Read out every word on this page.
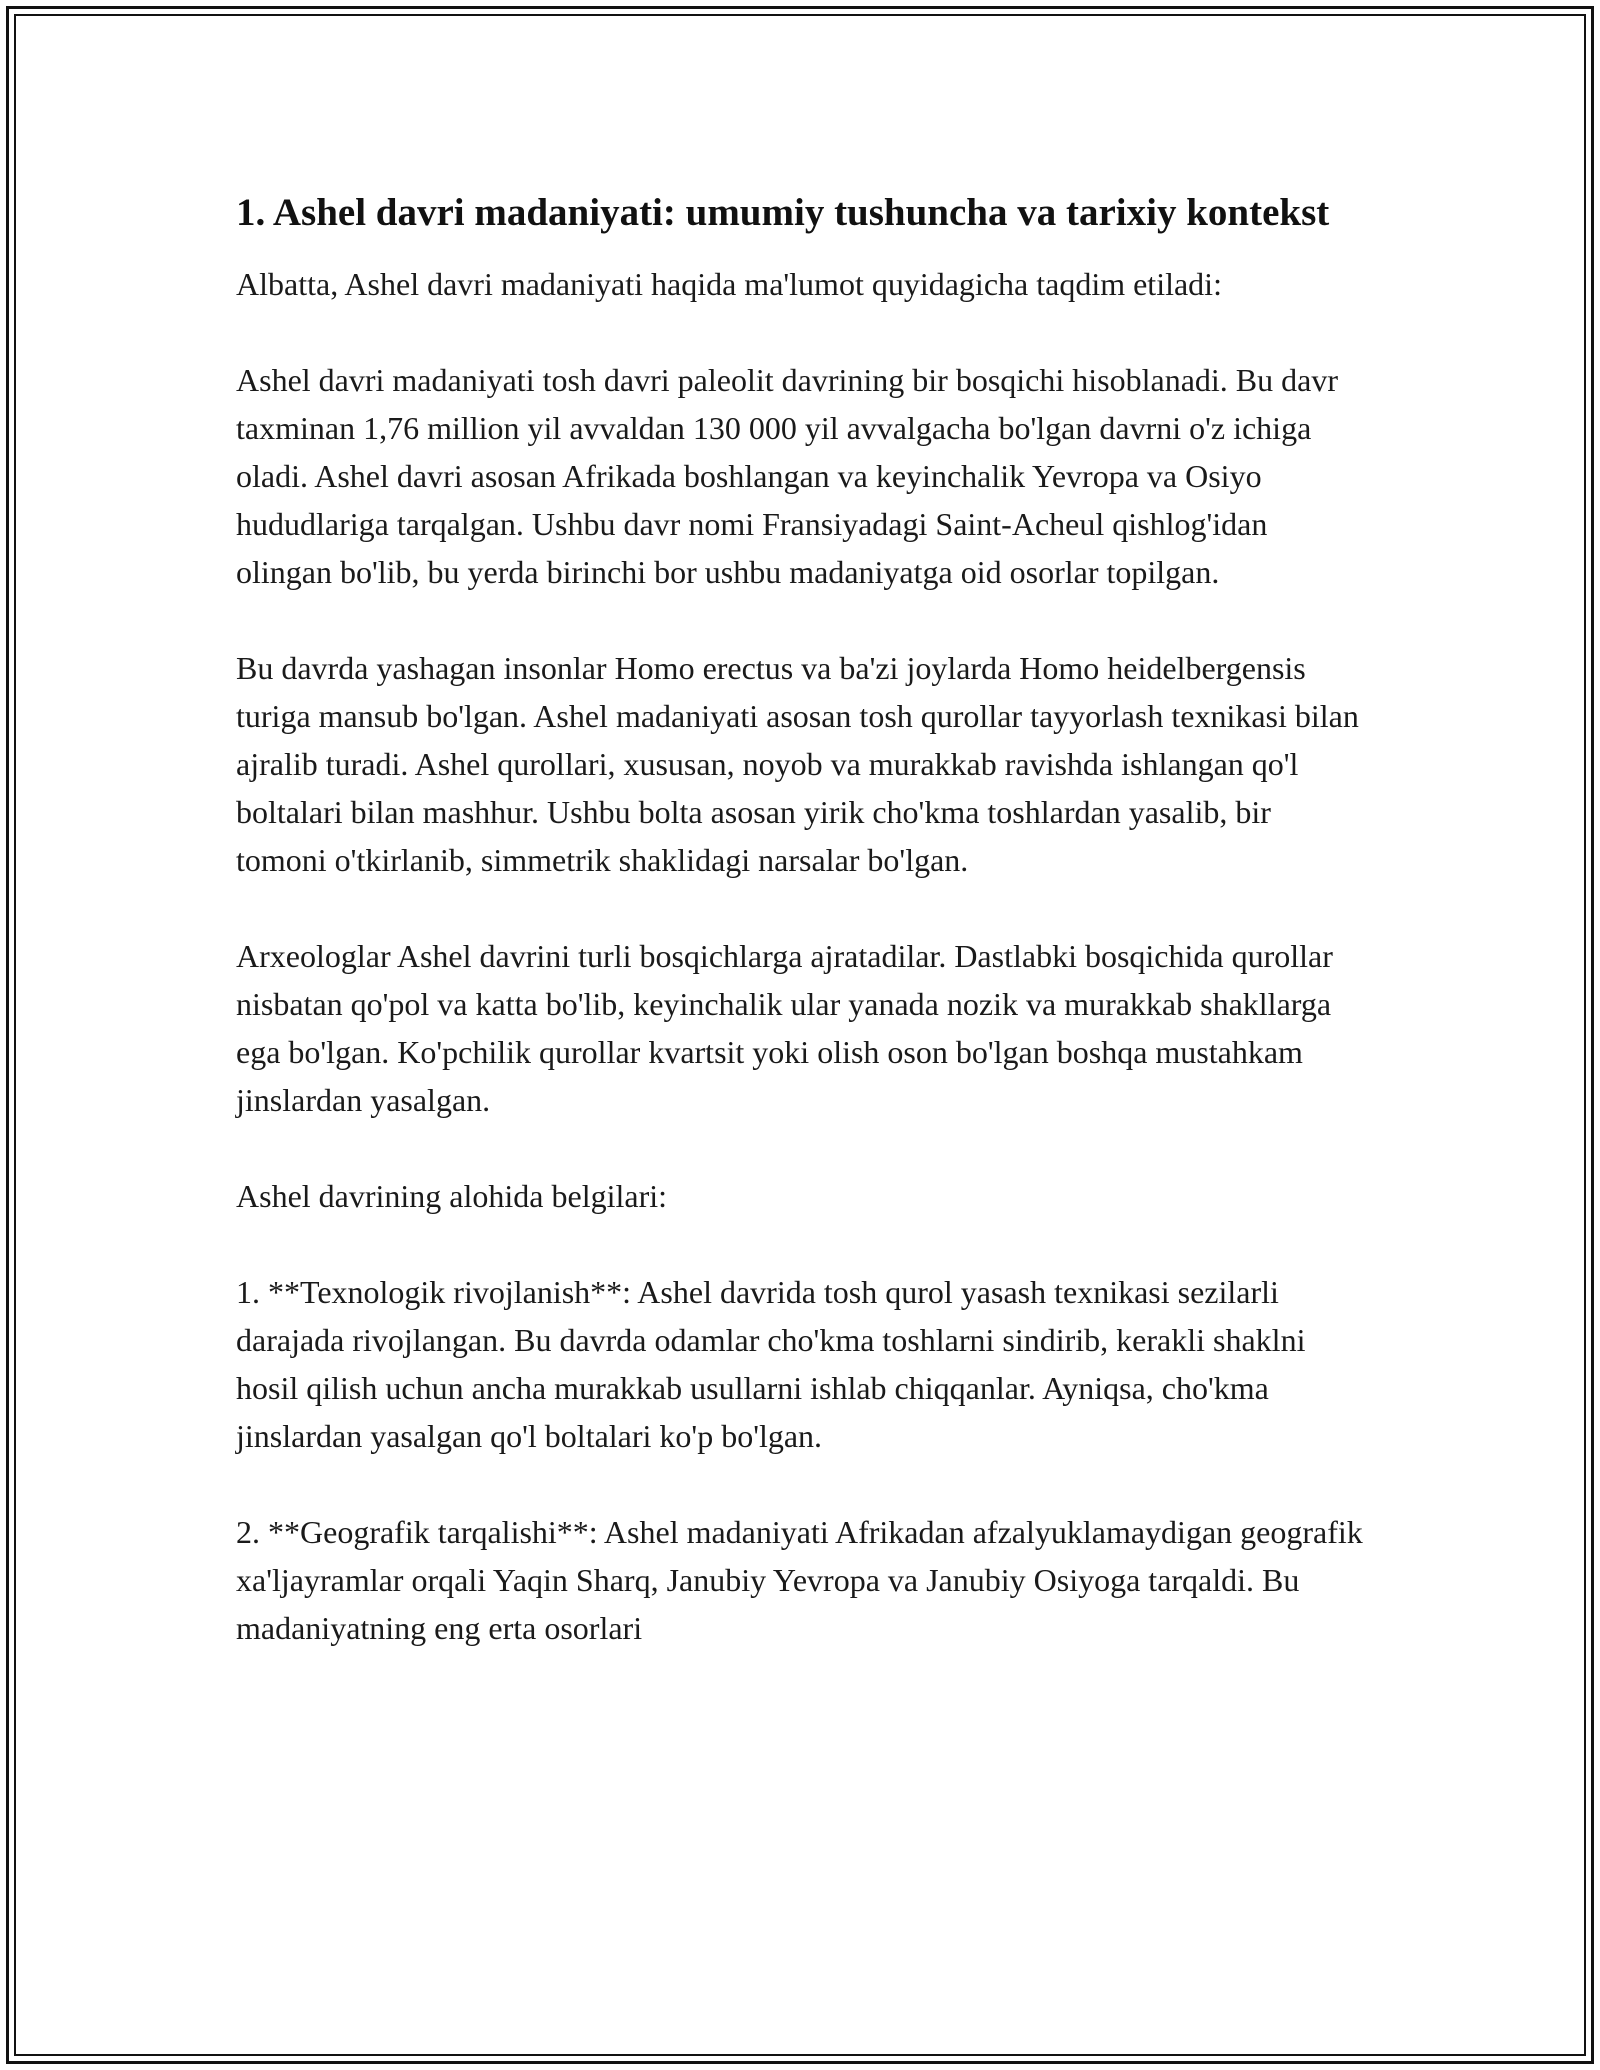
1. Ashel davri madaniyati: umumiy tushuncha va tarixiy kontekst

Albatta, Ashel davri madaniyati haqida ma'lumot quyidagicha taqdim etiladi:

Ashel davri madaniyati tosh davri paleolit davrining bir bosqichi hisoblanadi. Bu davr taxminan 1,76 million yil avvaldan 130 000 yil avvalgacha bo'lgan davrni o'z ichiga oladi. Ashel davri asosan Afrikada boshlangan va keyinchalik Yevropa va Osiyo hududlariga tarqalgan. Ushbu davr nomi Fransiyadagi Saint-Acheul qishlog'idan olingan bo'lib, bu yerda birinchi bor ushbu madaniyatga oid osorlar topilgan.

Bu davrda yashagan insonlar Homo erectus va ba'zi joylarda Homo heidelbergensis turiga mansub bo'lgan. Ashel madaniyati asosan tosh qurollar tayyorlash texnikasi bilan ajralib turadi. Ashel qurollari, xususan, noyob va murakkab ravishda ishlangan qo'l boltalari bilan mashhur. Ushbu bolta asosan yirik cho'kma toshlardan yasalib, bir tomoni o'tkirlanib, simmetrik shaklidagi narsalar bo'lgan.

Arxeologlar Ashel davrini turli bosqichlarga ajratadilar. Dastlabki bosqichida qurollar nisbatan qo'pol va katta bo'lib, keyinchalik ular yanada nozik va murakkab shakllarga ega bo'lgan. Ko'pchilik qurollar kvartsit yoki olish oson bo'lgan boshqa mustahkam jinslardan yasalgan.

Ashel davrining alohida belgilari:

1. **Texnologik rivojlanish**: Ashel davrida tosh qurol yasash texnikasi sezilarli darajada rivojlangan. Bu davrda odamlar cho'kma toshlarni sindirib, kerakli shaklni hosil qilish uchun ancha murakkab usullarni ishlab chiqqanlar. Ayniqsa, cho'kma jinslardan yasalgan qo'l boltalari ko'p bo'lgan.

2. **Geografik tarqalishi**: Ashel madaniyati Afrikadan afzalyuklamaydigan geografik xa'ljayramlar orqali Yaqin Sharq, Janubiy Yevropa va Janubiy Osiyoga tarqaldi. Bu madaniyatning eng erta osorlari
